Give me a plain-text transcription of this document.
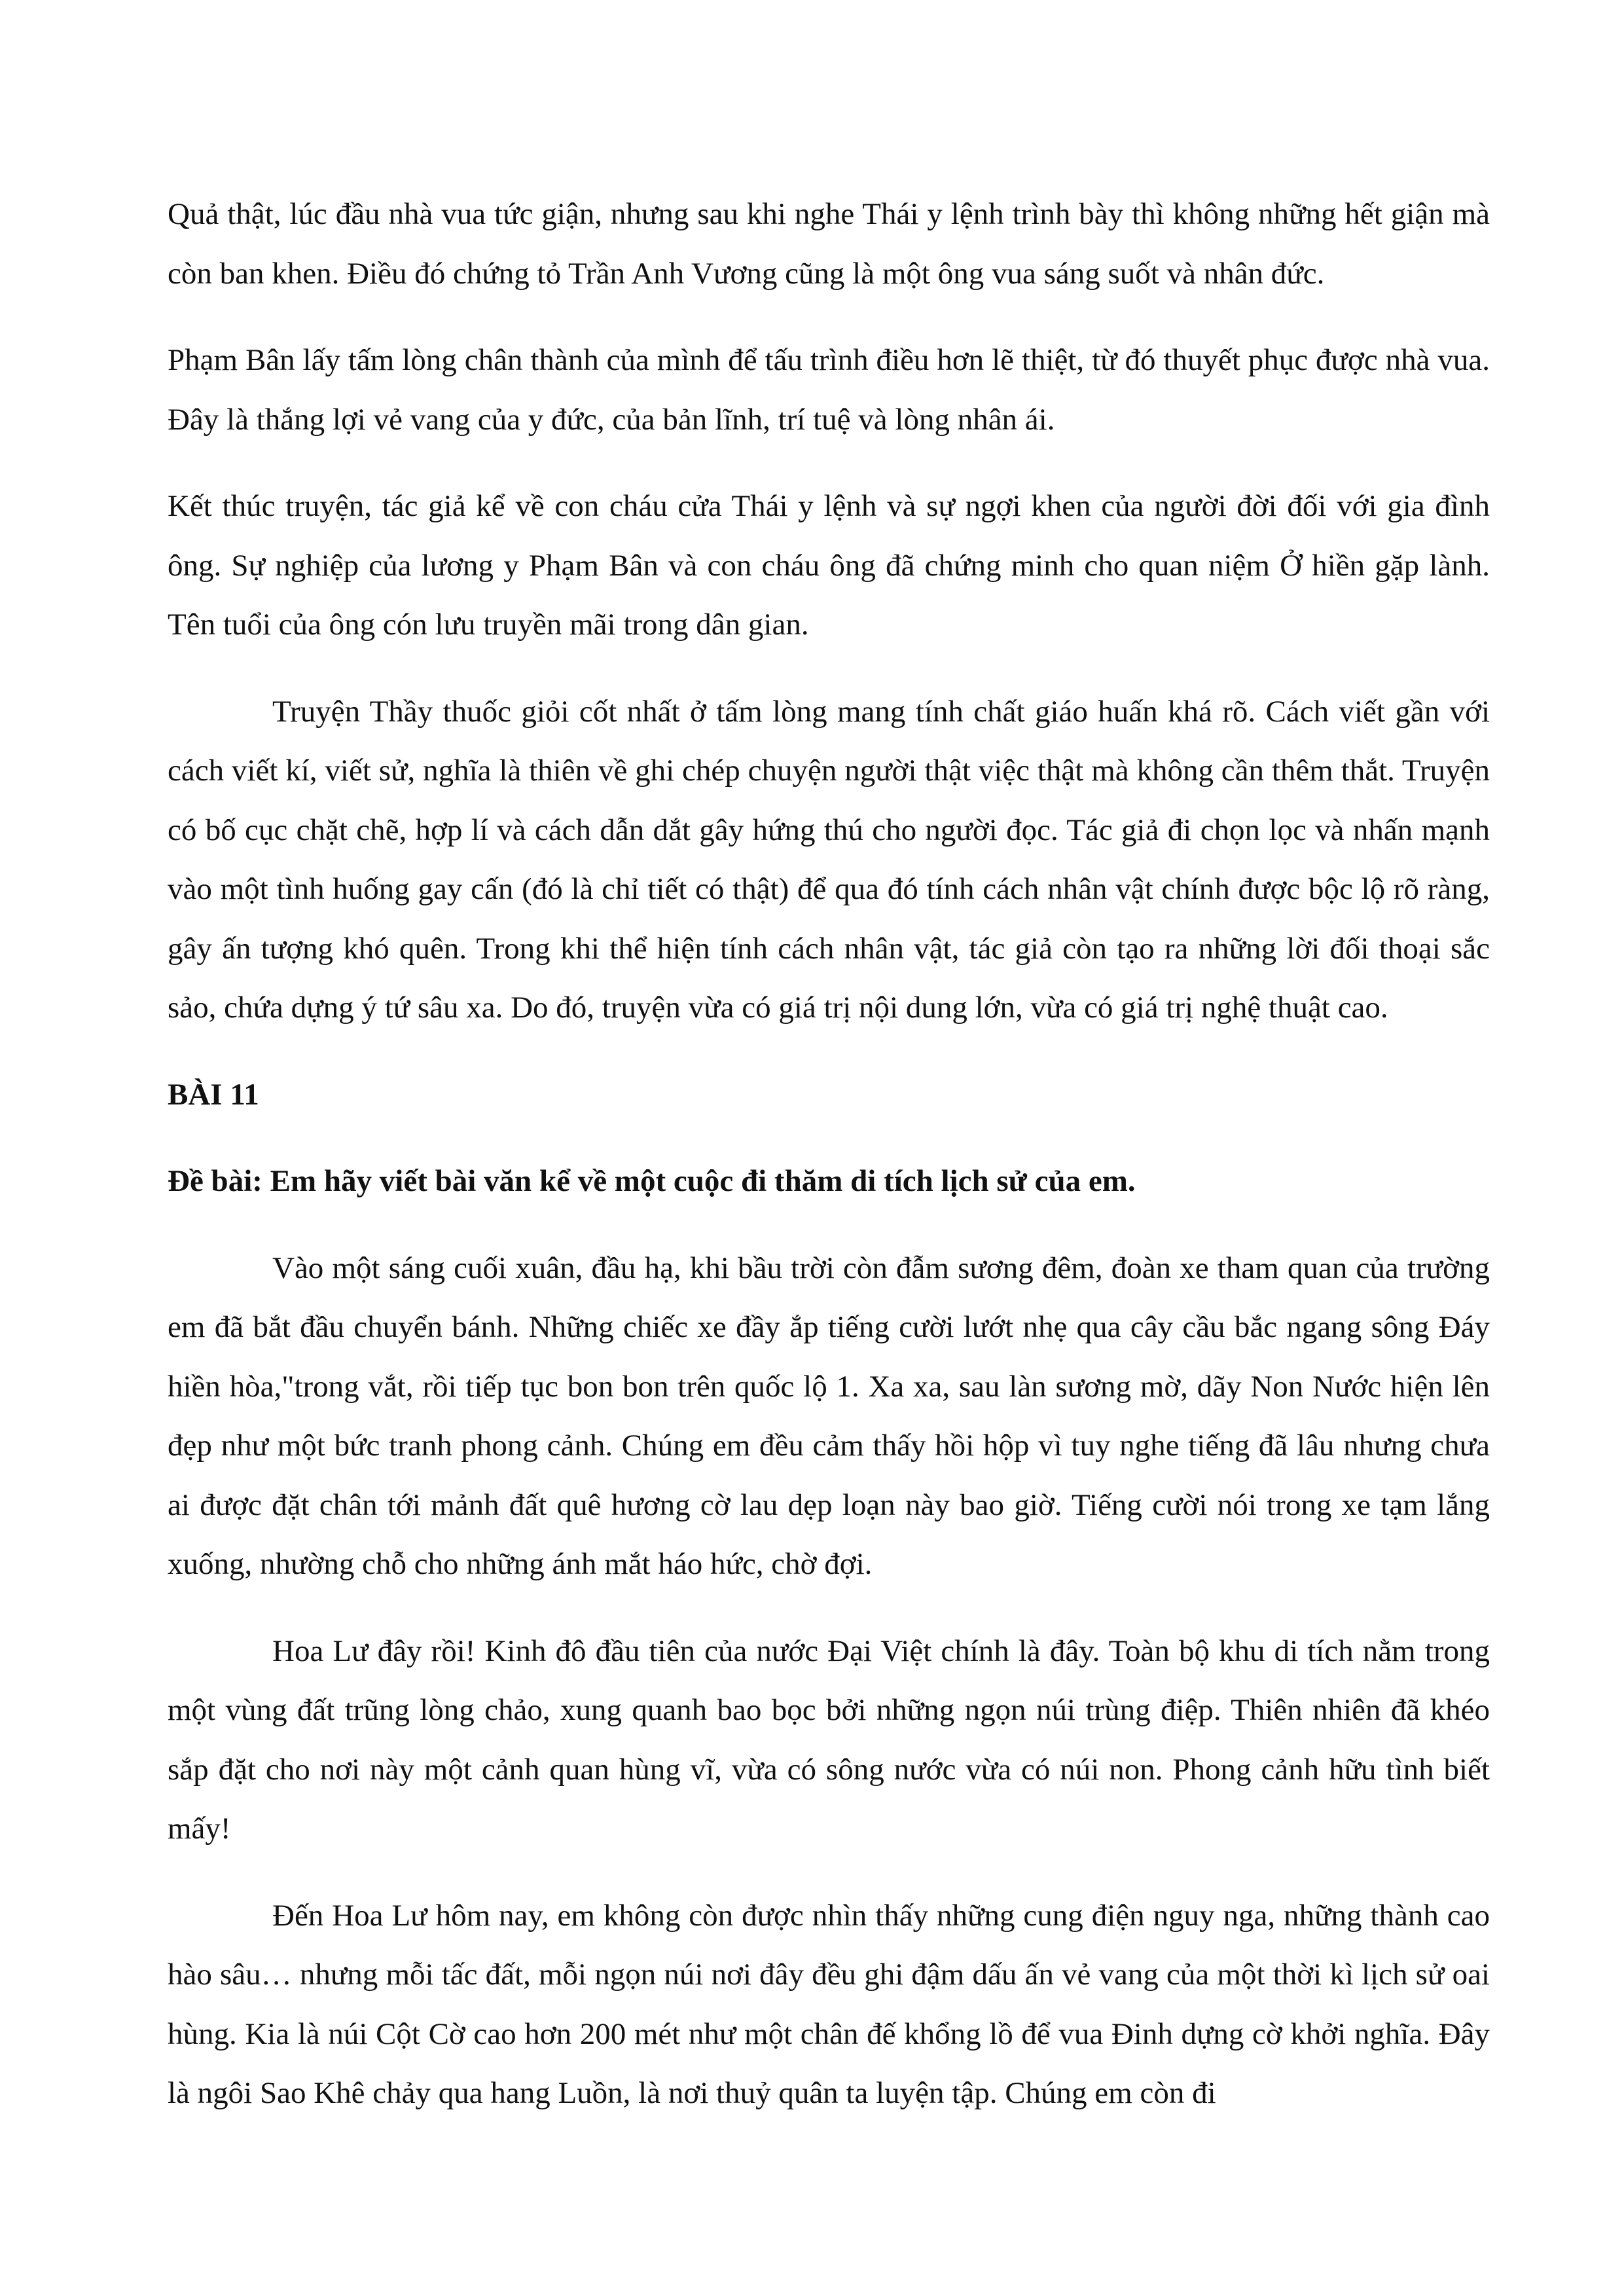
Quả thật, lúc đầu nhà vua tức giận, nhưng sau khi nghe Thái y lệnh trình bày thì không những hết giận mà còn ban khen. Điều đó chứng tỏ Trần Anh Vương cũng là một ông vua sáng suốt và nhân đức.

Phạm Bân lấy tấm lòng chân thành của mình để tấu trình điều hơn lẽ thiệt, từ đó thuyết phục được nhà vua. Đây là thắng lợi vẻ vang của y đức, của bản lĩnh, trí tuệ và lòng nhân ái.

Kết thúc truyện, tác giả kể về con cháu cửa Thái y lệnh và sự ngợi khen của người đời đối với gia đình ông. Sự nghiệp của lương y Phạm Bân và con cháu ông đã chứng minh cho quan niệm Ở hiền gặp lành. Tên tuổi của ông cón lưu truyền mãi trong dân gian.

Truyện Thầy thuốc giỏi cốt nhất ở tấm lòng mang tính chất giáo huấn khá rõ. Cách viết gần với cách viết kí, viết sử, nghĩa là thiên về ghi chép chuyện người thật việc thật mà không cần thêm thắt. Truyện có bố cục chặt chẽ, hợp lí và cách dẫn dắt gây hứng thú cho người đọc. Tác giả đi chọn lọc và nhấn mạnh vào một tình huống gay cấn (đó là chỉ tiết có thật) để qua đó tính cách nhân vật chính được bộc lộ rõ ràng, gây ấn tượng khó quên. Trong khi thể hiện tính cách nhân vật, tác giả còn tạo ra những lời đối thoại sắc sảo, chứa dựng ý tứ sâu xa. Do đó, truyện vừa có giá trị nội dung lớn, vừa có giá trị nghệ thuật cao.

BÀI 11

Đề bài: Em hãy viết bài văn kể về một cuộc đi thăm di tích lịch sử của em.

Vào một sáng cuối xuân, đầu hạ, khi bầu trời còn đẫm sương đêm, đoàn xe tham quan của trường em đã bắt đầu chuyển bánh. Những chiếc xe đầy ắp tiếng cười lướt nhẹ qua cây cầu bắc ngang sông Đáy hiền hòa,"trong vắt, rồi tiếp tục bon bon trên quốc lộ 1. Xa xa, sau làn sương mờ, dãy Non Nước hiện lên đẹp như một bức tranh phong cảnh. Chúng em đều cảm thấy hồi hộp vì tuy nghe tiếng đã lâu nhưng chưa ai được đặt chân tới mảnh đất quê hương cờ lau dẹp loạn này bao giờ. Tiếng cười nói trong xe tạm lắng xuống, nhường chỗ cho những ánh mắt háo hức, chờ đợi.

Hoa Lư đây rồi! Kinh đô đầu tiên của nước Đại Việt chính là đây. Toàn bộ khu di tích nằm trong một vùng đất trũng lòng chảo, xung quanh bao bọc bởi những ngọn núi trùng điệp. Thiên nhiên đã khéo sắp đặt cho nơi này một cảnh quan hùng vĩ, vừa có sông nước vừa có núi non. Phong cảnh hữu tình biết mấy!

Đến Hoa Lư hôm nay, em không còn được nhìn thấy những cung điện nguy nga, những thành cao hào sâu… nhưng mỗi tấc đất, mỗi ngọn núi nơi đây đều ghi đậm dấu ấn vẻ vang của một thời kì lịch sử oai hùng. Kia là núi Cột Cờ cao hơn 200 mét như một chân đế khổng lồ để vua Đinh dựng cờ khởi nghĩa. Đây là ngôi Sao Khê chảy qua hang Luồn, là nơi thuỷ quân ta luyện tập. Chúng em còn đi
